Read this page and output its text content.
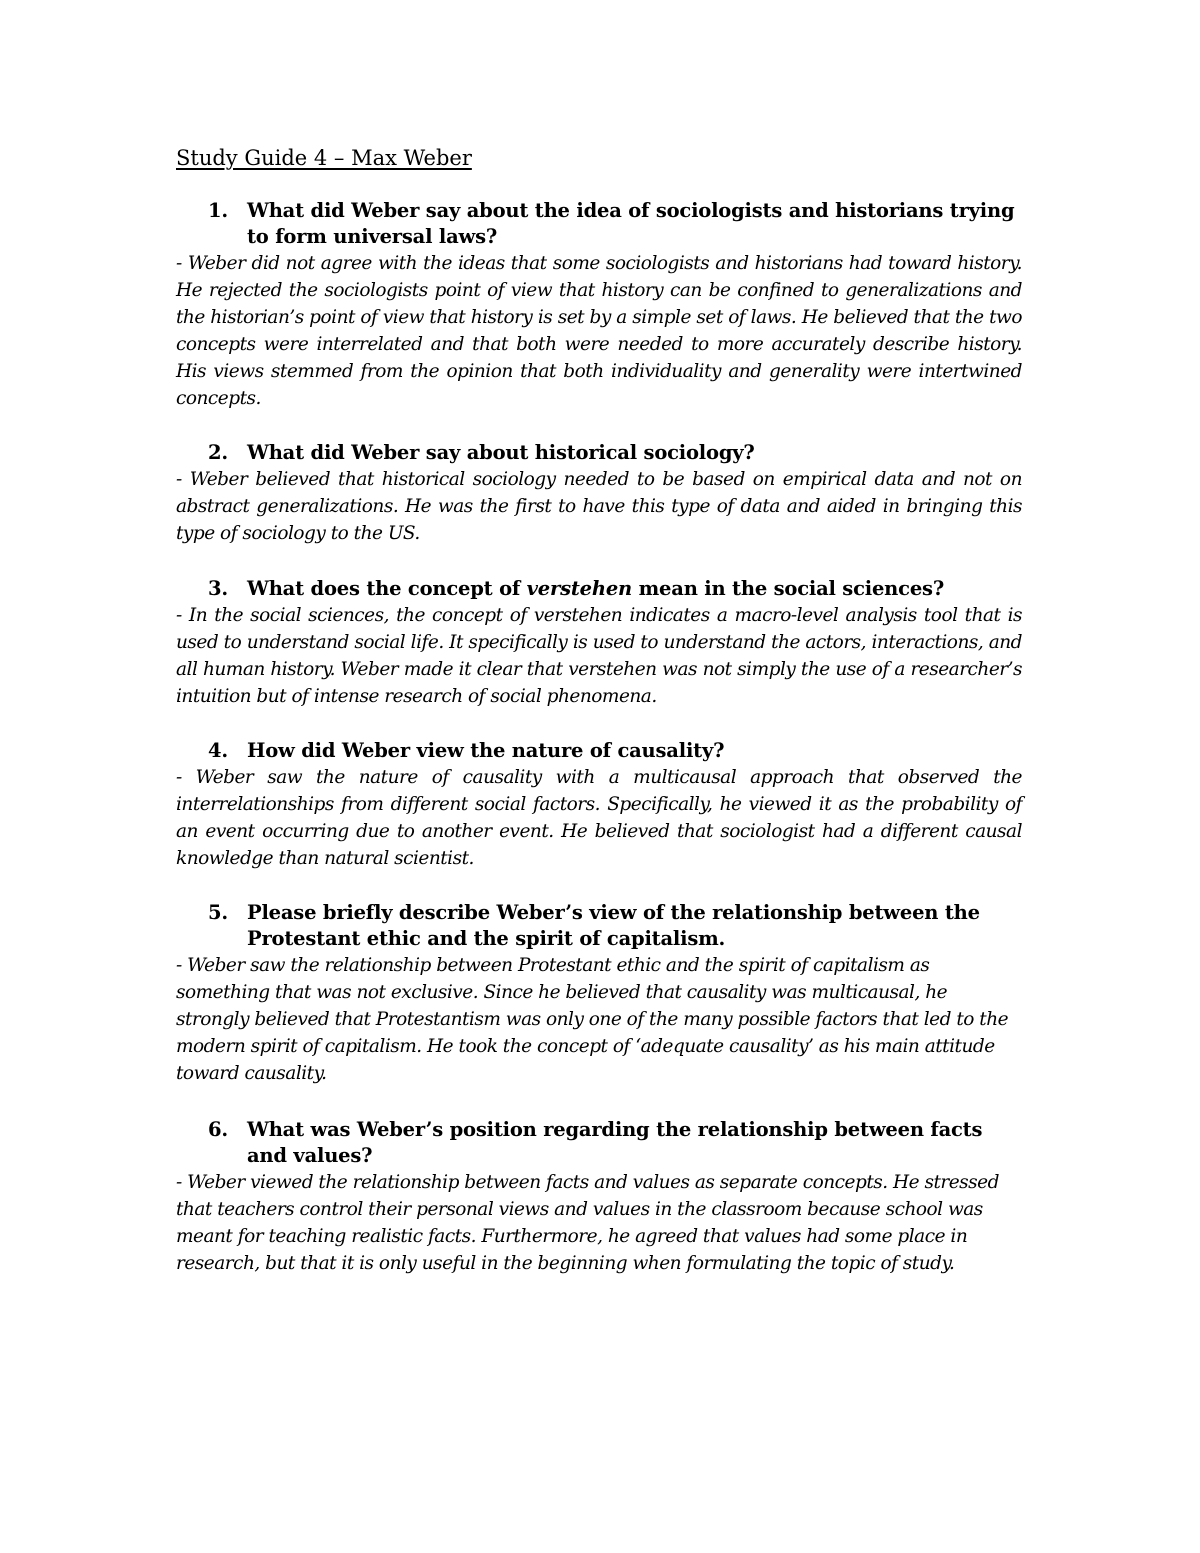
Study Guide 4 – Max Weber
1. What did Weber say about the idea of sociologists and historians trying to form universal laws?
- Weber did not agree with the ideas that some sociologists and historians had toward history. He rejected the sociologists point of view that history can be confined to generalizations and the historian’s point of view that history is set by a simple set of laws. He believed that the two concepts were interrelated and that both were needed to more accurately describe history. His views stemmed from the opinion that both individuality and generality were intertwined concepts.
2. What did Weber say about historical sociology?
- Weber believed that historical sociology needed to be based on empirical data and not on abstract generalizations. He was the first to have this type of data and aided in bringing this type of sociology to the US.
3. What does the concept of verstehen mean in the social sciences?
- In the social sciences, the concept of verstehen indicates a macro-level analysis tool that is used to understand social life. It specifically is used to understand the actors, interactions, and all human history. Weber made it clear that verstehen was not simply the use of a researcher’s intuition but of intense research of social phenomena.
4. How did Weber view the nature of causality?
- Weber saw the nature of causality with a multicausal approach that observed the interrelationships from different social factors. Specifically, he viewed it as the probability of an event occurring due to another event. He believed that sociologist had a different causal knowledge than natural scientist.
5. Please briefly describe Weber’s view of the relationship between the Protestant ethic and the spirit of capitalism.
- Weber saw the relationship between Protestant ethic and the spirit of capitalism as something that was not exclusive. Since he believed that causality was multicausal, he strongly believed that Protestantism was only one of the many possible factors that led to the modern spirit of capitalism. He took the concept of ‘adequate causality’ as his main attitude toward causality.
6. What was Weber’s position regarding the relationship between facts and values?
- Weber viewed the relationship between facts and values as separate concepts. He stressed that teachers control their personal views and values in the classroom because school was meant for teaching realistic facts. Furthermore, he agreed that values had some place in research, but that it is only useful in the beginning when formulating the topic of study.
